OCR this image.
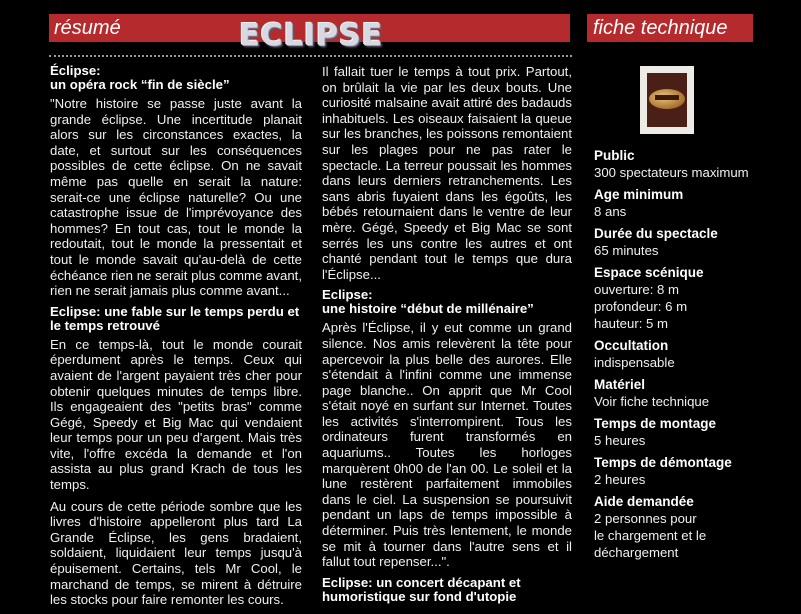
résumé	fiche technique
ECLIPSE
Éclipse:
un opéra rock “fin de siècle”

"Notre histoire se passe juste avant la grande éclipse. Une incertitude planait alors sur les circonstances exactes, la date, et surtout sur les conséquences possibles de cette éclipse. On ne savait même pas quelle en serait la nature: serait-ce une éclipse naturelle? Ou une catastrophe issue de l'imprévoyance des hommes? En tout cas, tout le monde la redoutait, tout le monde la pressentait et tout le monde savait qu'au-delà de cette échéance rien ne serait plus comme avant, rien ne serait jamais plus comme avant...

Eclipse: une fable sur le temps perdu et le temps retrouvé

En ce temps-là, tout le monde courait éperdument après le temps. Ceux qui avaient de l'argent payaient très cher pour obtenir quelques minutes de temps libre. Ils engageaient des "petits bras" comme Gégé, Speedy et Big Mac qui vendaient leur temps pour un peu d'argent. Mais très vite, l'offre excéda la demande et l'on assista au plus grand Krach de tous les temps.

Au cours de cette période sombre que les livres d'histoire appelleront plus tard La Grande Éclipse, les gens bradaient, soldaient, liquidaient leur temps jusqu'à épuisement. Certains, tels Mr Cool, le marchand de temps, se mirent à détruire les stocks pour faire remonter les cours.

Il fallait tuer le temps à tout prix. Partout, on brûlait la vie par les deux bouts. Une curiosité malsaine avait attiré des badauds inhabituels. Les oiseaux faisaient la queue sur les branches, les poissons remontaient sur les plages pour ne pas rater le spectacle. La terreur poussait les hommes dans leurs derniers retranchements. Les sans abris fuyaient dans les égoûts, les bébés retournaient dans le ventre de leur mère. Gégé, Speedy et Big Mac se sont serrés les uns contre les autres et ont chanté pendant tout le temps que dura l'Éclipse...

Eclipse:
une histoire “début de millénaire”

Après l'Éclipse, il y eut comme un grand silence. Nos amis relevèrent la tête pour apercevoir la plus belle des aurores. Elle s'étendait à l'infini comme une immense page blanche.. On apprit que Mr Cool s'était noyé en surfant sur Internet. Toutes les activités s'interrompirent. Tous les ordinateurs furent transformés en aquariums.. Toutes les horloges marquèrent 0h00 de l'an 00. Le soleil et la lune restèrent parfaitement immobiles dans le ciel. La suspension se poursuivit pendant un laps de temps impossible à déterminer. Puis très lentement, le monde se mit à tourner dans l'autre sens et il fallut tout repenser...".

Eclipse: un concert décapant et humoristique sur fond d'utopie
Public
300 spectateurs maximum
Age minimum
8 ans
Durée du spectacle
65 minutes
Espace scénique
ouverture: 8 m
profondeur: 6 m
hauteur: 5 m
Occultation
indispensable
Matériel
Voir fiche technique
Temps de montage
5 heures
Temps de démontage
2 heures
Aide demandée
2 personnes pour
le chargement et le
déchargement
